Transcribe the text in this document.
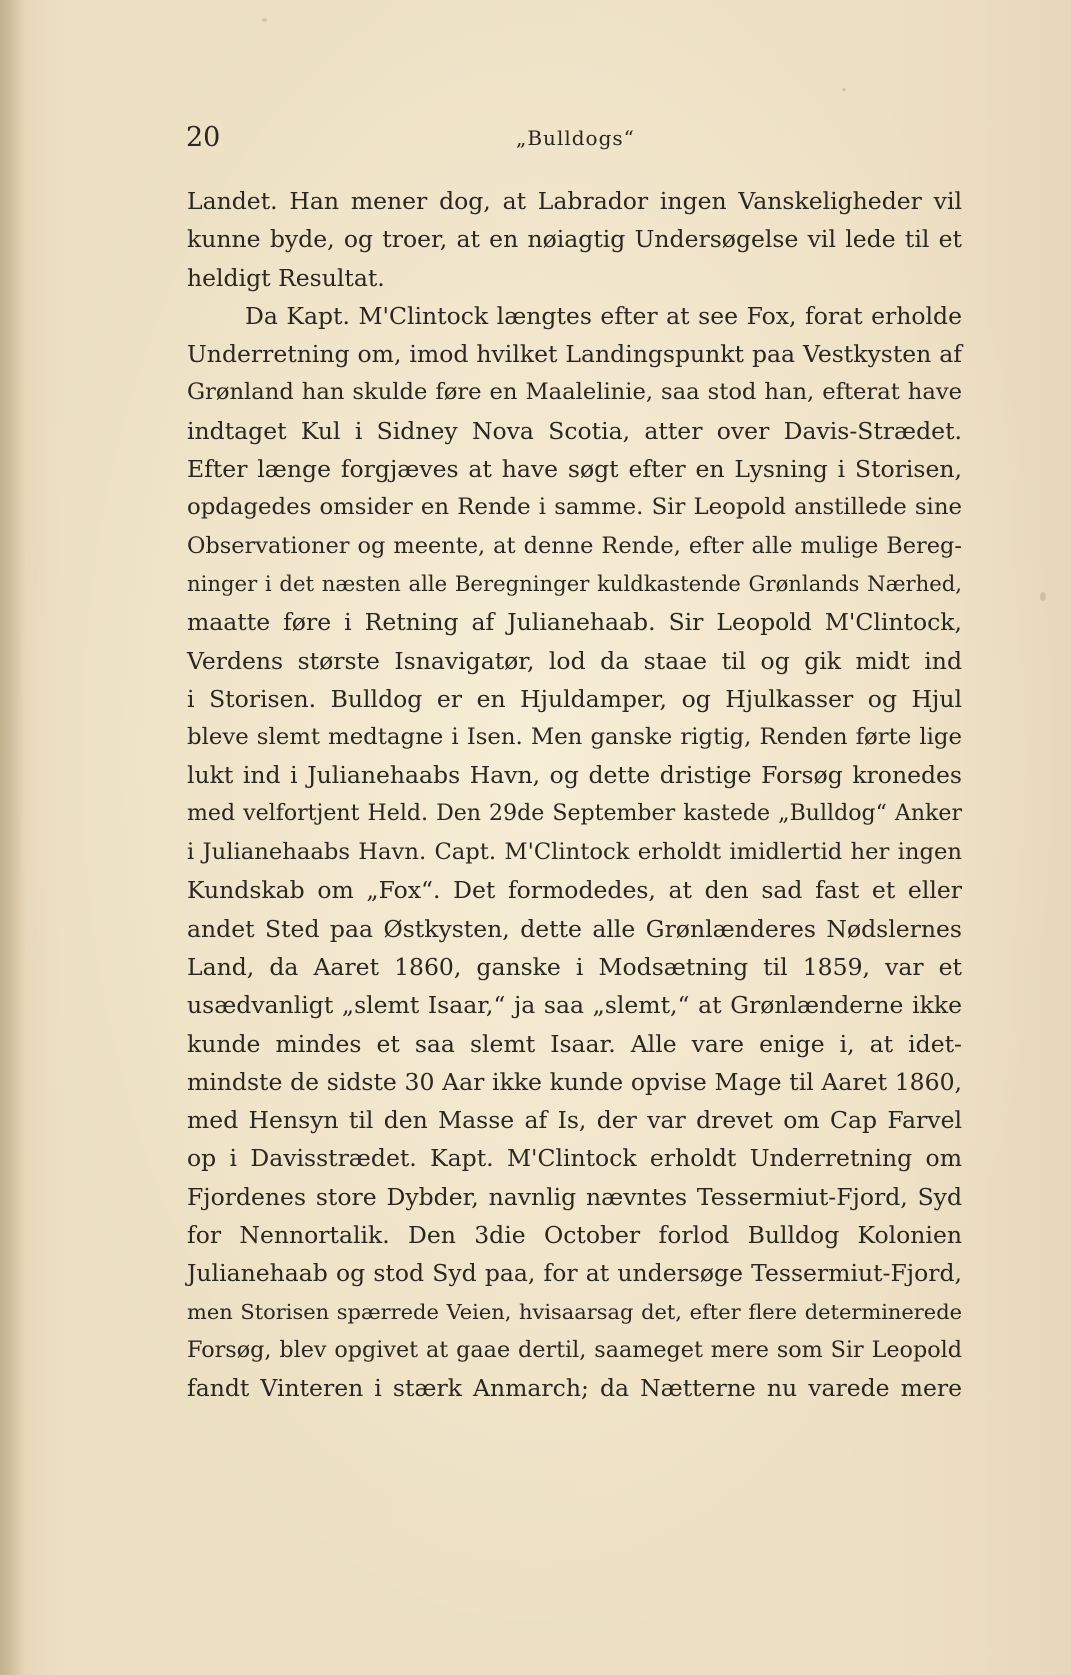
20	„Bulldogs“
Landet. Han mener dog, at Labrador ingen Vanskeligheder vil
kunne byde, og troer, at en nøiagtig Undersøgelse vil lede til et
heldigt Resultat.
Da Kapt. M'Clintock længtes efter at see Fox, forat erholde
Underretning om, imod hvilket Landingspunkt paa Vestkysten af
Grønland han skulde føre en Maalelinie, saa stod han, efterat have
indtaget Kul i Sidney Nova Scotia, atter over Davis-Strædet.
Efter længe forgjæves at have søgt efter en Lysning i Storisen,
opdagedes omsider en Rende i samme. Sir Leopold anstillede sine
Observationer og meente, at denne Rende, efter alle mulige Bereg-
ninger i det næsten alle Beregninger kuldkastende Grønlands Nærhed,
maatte føre i Retning af Julianehaab. Sir Leopold M'Clintock,
Verdens største Isnavigatør, lod da staae til og gik midt ind
i Storisen. Bulldog er en Hjuldamper, og Hjulkasser og Hjul
bleve slemt medtagne i Isen. Men ganske rigtig, Renden førte lige
lukt ind i Julianehaabs Havn, og dette dristige Forsøg kronedes
med velfortjent Held. Den 29de September kastede „Bulldog“ Anker
i Julianehaabs Havn. Capt. M'Clintock erholdt imidlertid her ingen
Kundskab om „Fox“. Det formodedes, at den sad fast et eller
andet Sted paa Østkysten, dette alle Grønlænderes Nødslernes
Land, da Aaret 1860, ganske i Modsætning til 1859, var et
usædvanligt „slemt Isaar,“ ja saa „slemt,“ at Grønlænderne ikke
kunde mindes et saa slemt Isaar. Alle vare enige i, at idet-
mindste de sidste 30 Aar ikke kunde opvise Mage til Aaret 1860,
med Hensyn til den Masse af Is, der var drevet om Cap Farvel
op i Davisstrædet. Kapt. M'Clintock erholdt Underretning om
Fjordenes store Dybder, navnlig nævntes Tessermiut-Fjord, Syd
for Nennortalik. Den 3die October forlod Bulldog Kolonien
Julianehaab og stod Syd paa, for at undersøge Tessermiut-Fjord,
men Storisen spærrede Veien, hvisaarsag det, efter flere determinerede
Forsøg, blev opgivet at gaae dertil, saameget mere som Sir Leopold
fandt Vinteren i stærk Anmarch; da Nætterne nu varede mere
